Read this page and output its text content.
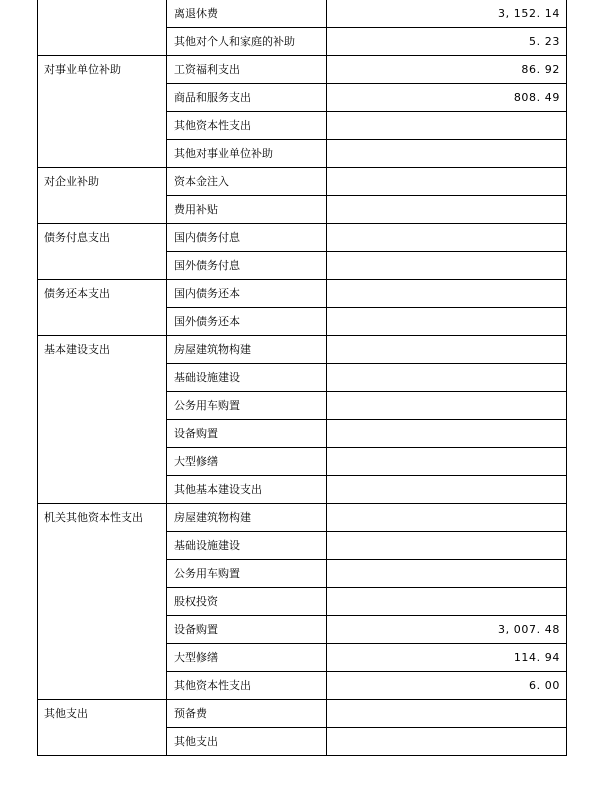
	离退休费	3, 152. 14
	其他对个人和家庭的补助	5. 23
对事业单位补助	工资福利支出	86. 92
	商品和服务支出	808. 49
	其他资本性支出	
	其他对事业单位补助	
对企业补助	资本金注入	
	费用补贴	
债务付息支出	国内债务付息	
	国外债务付息	
债务还本支出	国内债务还本	
	国外债务还本	
基本建设支出	房屋建筑物构建	
	基础设施建设	
	公务用车购置	
	设备购置	
	大型修缮	
	其他基本建设支出	
机关其他资本性支出	房屋建筑物构建	
	基础设施建设	
	公务用车购置	
	股权投资	
	设备购置	3, 007. 48
	大型修缮	114. 94
	其他资本性支出	6. 00
其他支出	预备费	
	其他支出	
